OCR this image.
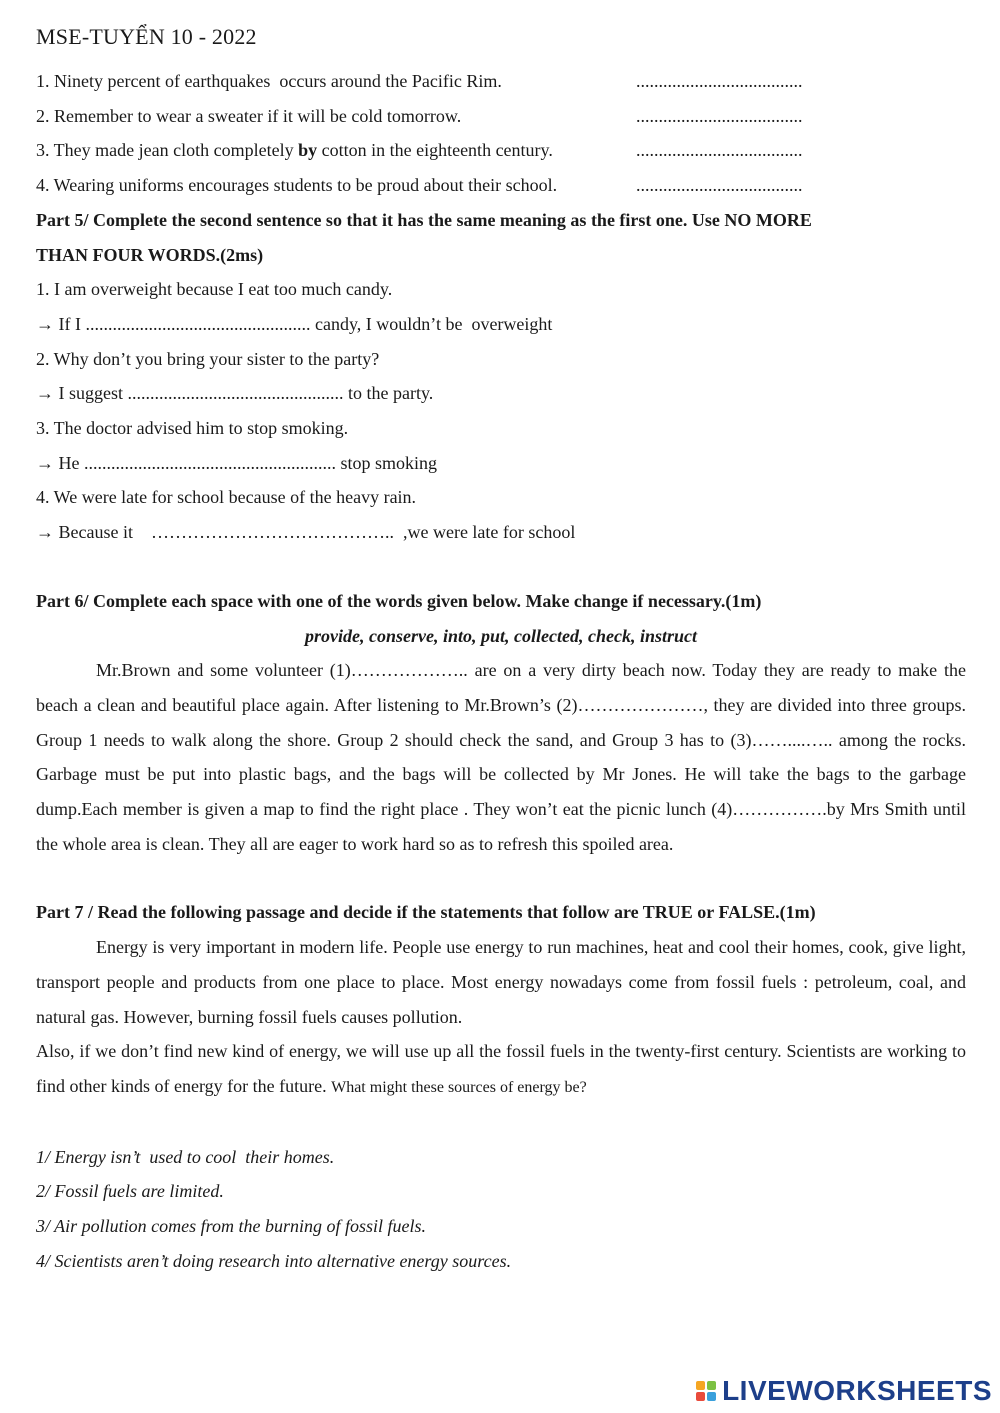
MSE-TUYỂN 10 - 2022
1. Ninety percent of earthquakes  occurs around the Pacific Rim.	.....................................
2. Remember to wear a sweater if it will be cold tomorrow.	.....................................
3. They made jean cloth completely by cotton in the eighteenth century.	.....................................
4. Wearing uniforms encourages students to be proud about their school.	.....................................
Part 5/ Complete the second sentence so that it has the same meaning as the first one. Use NO MORE
THAN FOUR WORDS.(2ms)
1. I am overweight because I eat too much candy.
→ If I .................................................. candy, I wouldn’t be  overweight
2. Why don’t you bring your sister to the party?
→ I suggest ................................................ to the party.
3. The doctor advised him to stop smoking.
→ He ........................................................ stop smoking
4. We were late for school because of the heavy rain.
→ Because it    …………………………………..  ,we were late for school
Part 6/ Complete each space with one of the words given below. Make change if necessary.(1m)
provide, conserve, into, put, collected, check, instruct
Mr.Brown and some volunteer (1)……………….. are on a very dirty beach now. Today they are ready to make the beach a clean and beautiful place again. After listening to Mr.Brown’s (2)…………………, they are divided into three groups. Group 1 needs to walk along the shore. Group 2 should check the sand, and Group 3 has to (3)……....….. among the rocks. Garbage must be put into plastic bags, and the bags will be collected by Mr Jones. He will take the bags to the garbage dump.Each member is given a map to find the right place . They won’t eat the picnic lunch (4)…………….by Mrs Smith until the whole area is clean. They all are eager to work hard so as to refresh this spoiled area.
Part 7 / Read the following passage and decide if the statements that follow are TRUE or FALSE.(1m)
Energy is very important in modern life. People use energy to run machines, heat and cool their homes, cook, give light, transport people and products from one place to place. Most energy nowadays come from fossil fuels : petroleum, coal, and natural gas. However, burning fossil fuels causes pollution.
Also, if we don’t find new kind of energy, we will use up all the fossil fuels in the twenty-first century. Scientists are working to find other kinds of energy for the future. What might these sources of energy be?
1/ Energy isn’t  used to cool  their homes.
2/ Fossil fuels are limited.
3/ Air pollution comes from the burning of fossil fuels.
4/ Scientists aren’t doing research into alternative energy sources.
LIVEWORKSHEETS
